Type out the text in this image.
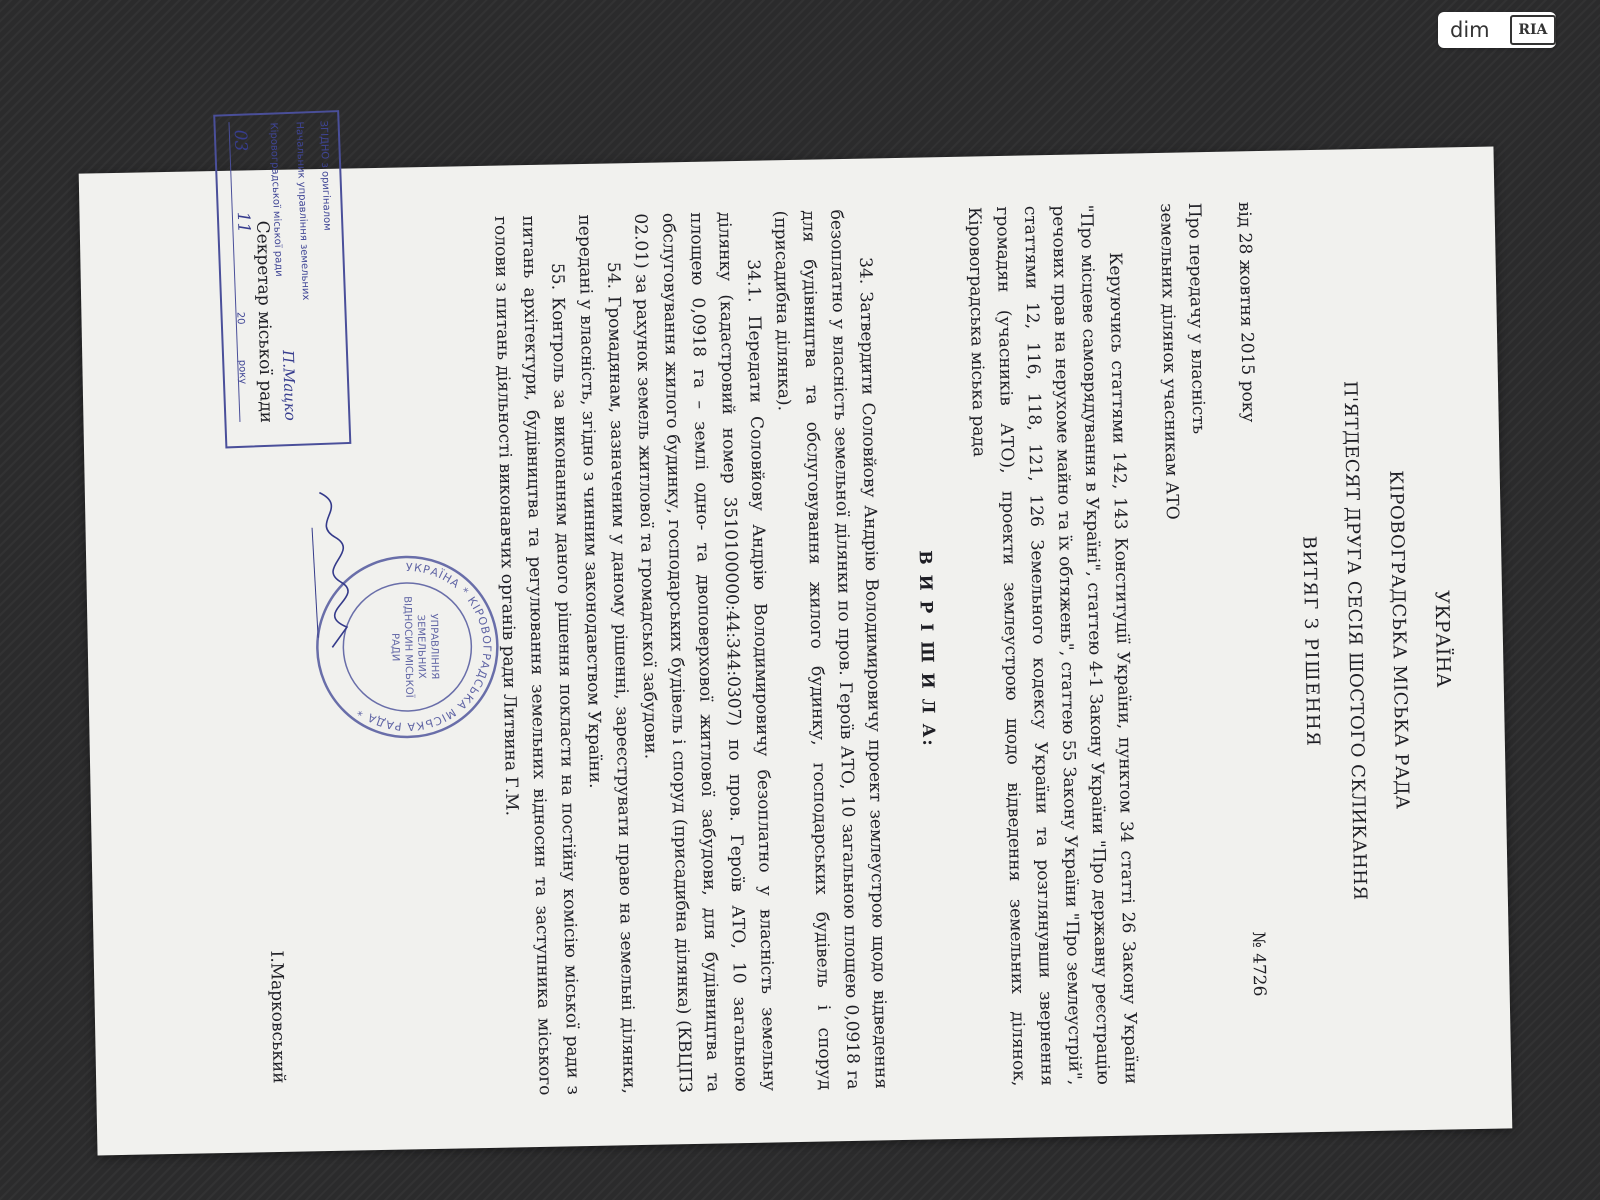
dim	RIA
УКРАЇНА
КІРОВОГРАДСЬКА МІСЬКА РАДА
П'ЯТДЕСЯТ ДРУГА СЕСІЯ ШОСТОГО СКЛИКАННЯ
ВИТЯГ З РІШЕННЯ
від 28 жовтня 2015 року
№ 4726
Про передачу у власність
земельних ділянок учасникам АТО

Керуючись статтями 142, 143 Конституції України, пунктом 34 статті 26 Закону України "Про місцеве самоврядування в Україні", статтею 4-1 Закону України "Про державну реєстрацію речових прав на нерухоме майно та їх обтяжень", статтею 55 Закону України "Про землеустрій", статтями 12, 116, 118, 121, 126 Земельного кодексу України та розглянувши звернення громадян (учасників АТО), проекти землеустрою щодо відведення земельних ділянок, Кіровоградська міська рада

В И Р І Ш И Л А:

34. Затвердити Соловйову Андрію Володимировичу проект землеустрою щодо відведення безоплатно у власність земельної ділянки по пров. Героїв АТО, 10 загальною площею 0,0918 га для будівництва та обслуговування жилого будинку, господарських будівель і споруд (присадибна ділянка).

34.1. Передати Соловйову Андрію Володимировичу безоплатно у власність земельну ділянку (кадастровий номер 3510100000:44:344:0307) по пров. Героїв АТО, 10 загальною площею 0,0918 га – землі одно- та двоповерхової житлової забудови, для будівництва та обслуговування жилого будинку, господарських будівель і споруд (присадибна ділянка) (КВЦПЗ 02.01) за рахунок земель житлової та громадської забудови.

54. Громадянам, зазначеним у даному рішенні, зареєструвати право на земельні ділянки, передані у власність, згідно з чинним законодавством України.

55. Контроль за виконанням даного рішення покласти на постійну комісію міської ради з питань архітектури, будівництва та регулювання земельних відносин та заступника міського голови з питань діяльності виконавчих органів ради Литвина Г.М.

Секретар міської ради
І.Марковський
УКРАЇНА * КІРОВОГРАДСЬКА МІСЬКА РАДА *
УПРАВЛІННЯ ЗЕМЕЛЬНИХ ВІДНОСИН МІСЬКОЇ РАДИ
ЗГІДНО з оригіналом
Начальник управління земельних
Кіровоградської міської ради
П.Мацко
03
11
20
року
